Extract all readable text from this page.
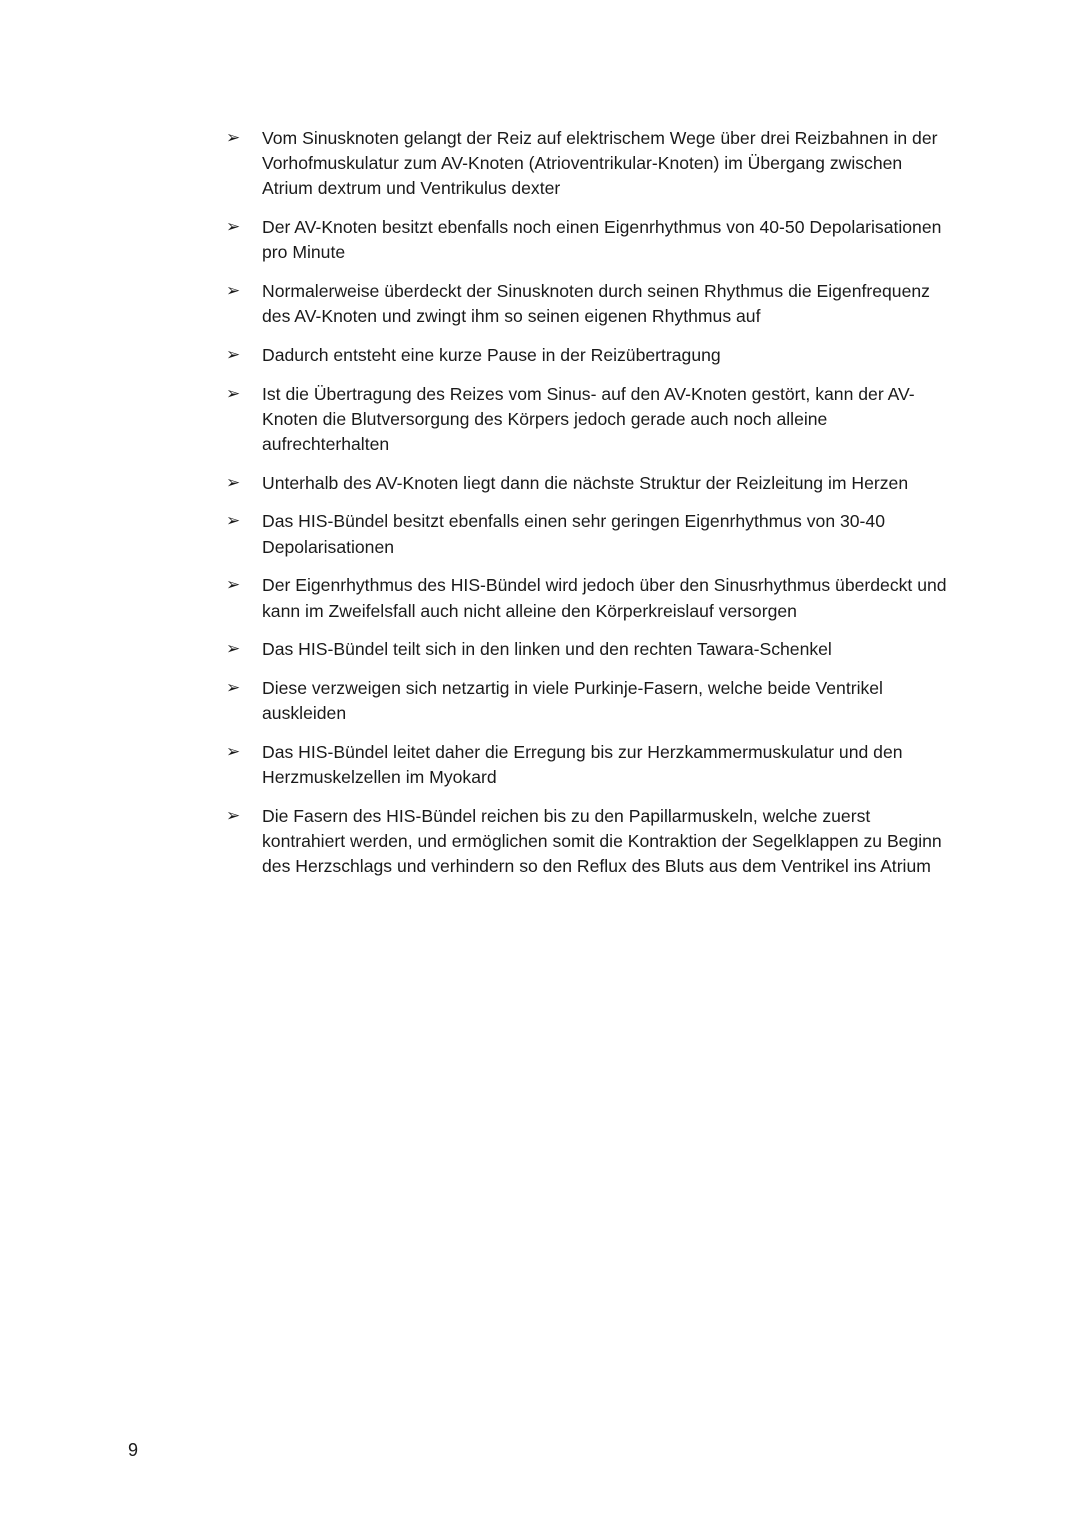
➢	Vom Sinusknoten gelangt der Reiz auf elektrischem Wege über drei Reizbahnen in der Vorhofmuskulatur zum AV-Knoten (Atrioventrikular-Knoten) im Übergang zwischen Atrium dextrum und Ventrikulus dexter
➢	Der AV-Knoten besitzt ebenfalls noch einen Eigenrhythmus von 40-50 Depolarisationen pro Minute
➢	Normalerweise überdeckt der Sinusknoten durch seinen Rhythmus die Eigenfrequenz des AV-Knoten und zwingt ihm so seinen eigenen Rhythmus auf
➢	Dadurch entsteht eine kurze Pause in der Reizübertragung
➢	Ist die Übertragung des Reizes vom Sinus- auf den AV-Knoten gestört, kann der AV-Knoten die Blutversorgung des Körpers jedoch gerade auch noch alleine aufrechterhalten
➢	Unterhalb des AV-Knoten liegt dann die nächste Struktur der Reizleitung im Herzen
➢	Das HIS-Bündel besitzt ebenfalls einen sehr geringen Eigenrhythmus von 30-40 Depolarisationen
➢	Der Eigenrhythmus des HIS-Bündel wird jedoch über den Sinusrhythmus überdeckt und kann im Zweifelsfall auch nicht alleine den Körperkreislauf versorgen
➢	Das HIS-Bündel teilt sich in den linken und den rechten Tawara-Schenkel
➢	Diese verzweigen sich netzartig in viele Purkinje-Fasern, welche beide Ventrikel auskleiden
➢	Das HIS-Bündel leitet daher die Erregung bis zur Herzkammermuskulatur und den Herzmuskelzellen im Myokard
➢	Die Fasern des HIS-Bündel reichen bis zu den Papillarmuskeln, welche zuerst kontrahiert werden, und ermöglichen somit die Kontraktion der Segelklappen zu Beginn des Herzschlags und verhindern so den Reflux des Bluts aus dem Ventrikel ins Atrium
9
